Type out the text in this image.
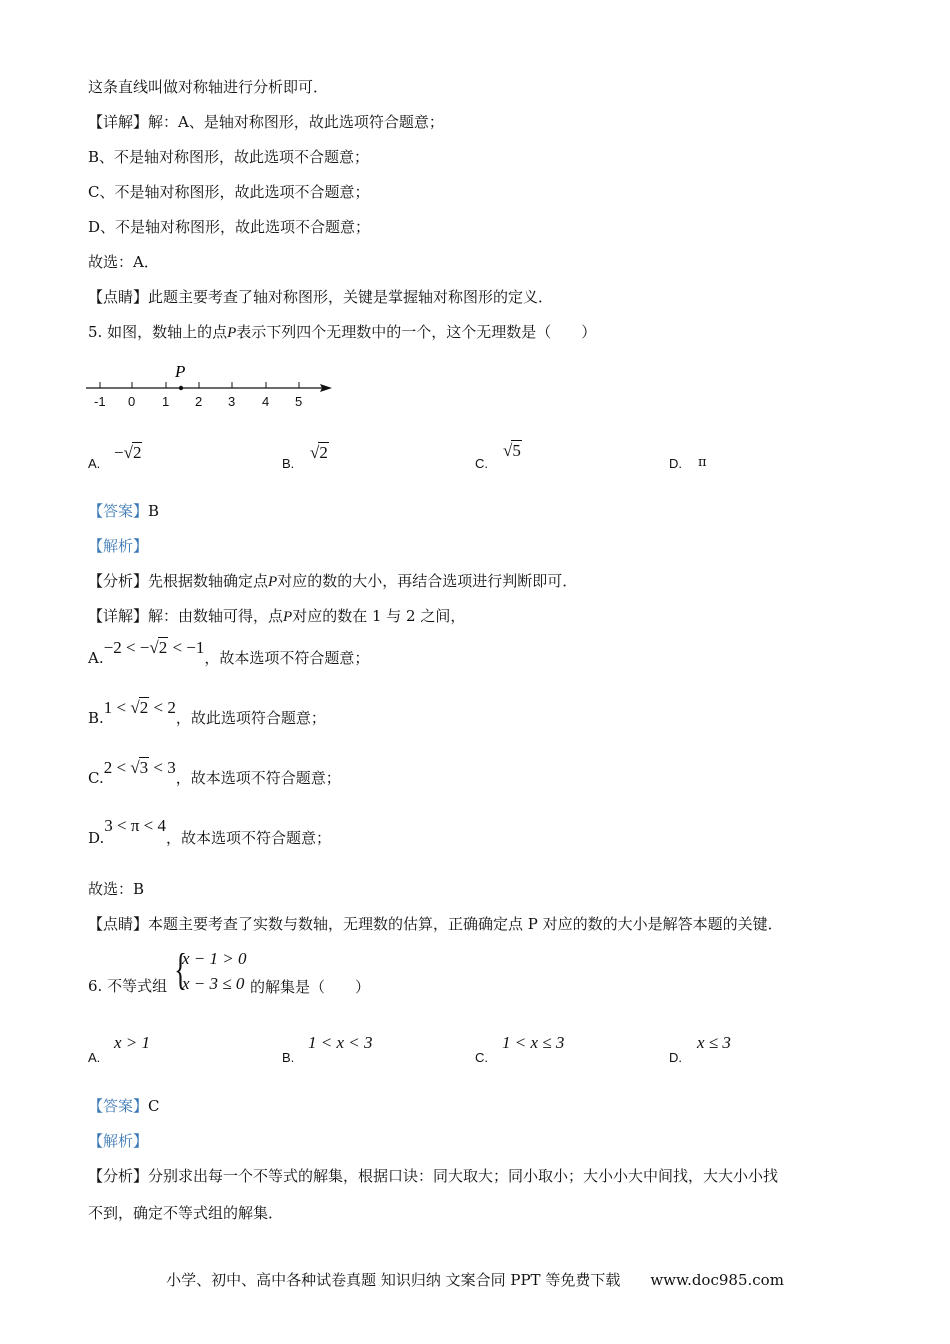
这条直线叫做对称轴进行分析即可．
【详解】解：A、是轴对称图形，故此选项符合题意；
B、不是轴对称图形，故此选项不合题意；
C、不是轴对称图形，故此选项不合题意；
D、不是轴对称图形，故此选项不合题意；
故选：A．
【点睛】此题主要考查了轴对称图形，关键是掌握轴对称图形的定义．
5. 如图，数轴上的点P表示下列四个无理数中的一个，这个无理数是（　　）
P
-1 0 1 2 3 4 5
A.
−√2
B.
√2
C.
√5
D. π
【答案】B
【解析】
【分析】先根据数轴确定点P对应的数的大小，再结合选项进行判断即可．
【详解】解：由数轴可得，点P对应的数在 1 与 2 之间，
A.−2 < −√2 < −1，故本选项不符合题意；
B.1 < √2 < 2，故此选项符合题意；
C.2 < √3 < 3，故本选项不符合题意；
D.3 < π < 4，故本选项不符合题意；
故选：B
【点睛】本题主要考查了实数与数轴，无理数的估算，正确确定点 P 对应的数的大小是解答本题的关键．
6. 不等式组 {
x − 1 > 0
x − 3 ≤ 0 的解集是（　　）
A.
x > 1
B.
1 < x < 3
C.
1 < x ≤ 3
D.
x ≤ 3
【答案】C
【解析】
【分析】分别求出每一个不等式的解集，根据口诀：同大取大；同小取小；大小小大中间找，大大小小找
不到，确定不等式组的解集．
小学、初中、高中各种试卷真题 知识归纳 文案合同 PPT 等免费下载　　www.doc985.com
